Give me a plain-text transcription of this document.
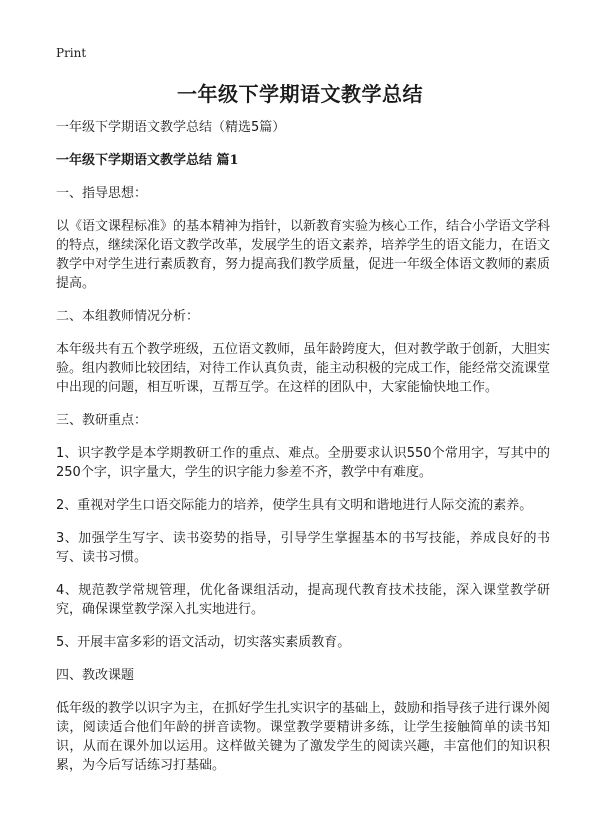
Print
一年级下学期语文教学总结

一年级下学期语文教学总结（精选5篇）

一年级下学期语文教学总结 篇1

一、指导思想：

以《语文课程标准》的基本精神为指针，以新教育实验为核心工作，结合小学语文学科的特点，继续深化语文教学改革，发展学生的语文素养，培养学生的语文能力，在语文教学中对学生进行素质教育，努力提高我们教学质量，促进一年级全体语文教师的素质提高。

二、本组教师情况分析：

本年级共有五个教学班级，五位语文教师，虽年龄跨度大，但对教学敢于创新，大胆实验。组内教师比较团结，对待工作认真负责，能主动积极的完成工作，能经常交流课堂中出现的问题，相互听课，互帮互学。在这样的团队中，大家能愉快地工作。

三、教研重点：

1、识字教学是本学期教研工作的重点、难点。全册要求认识550个常用字，写其中的250个字，识字量大，学生的识字能力参差不齐，教学中有难度。

2、重视对学生口语交际能力的培养，使学生具有文明和谐地进行人际交流的素养。

3、加强学生写字、读书姿势的指导，引导学生掌握基本的书写技能，养成良好的书写、读书习惯。

4、规范教学常规管理，优化备课组活动，提高现代教育技术技能，深入课堂教学研究，确保课堂教学深入扎实地进行。

5、开展丰富多彩的语文活动，切实落实素质教育。

四、教改课题

低年级的教学以识字为主，在抓好学生扎实识字的基础上，鼓励和指导孩子进行课外阅读，阅读适合他们年龄的拼音读物。课堂教学要精讲多练，让学生接触简单的读书知识，从而在课外加以运用。这样做关键为了激发学生的阅读兴趣，丰富他们的知识积累，为今后写话练习打基础。
